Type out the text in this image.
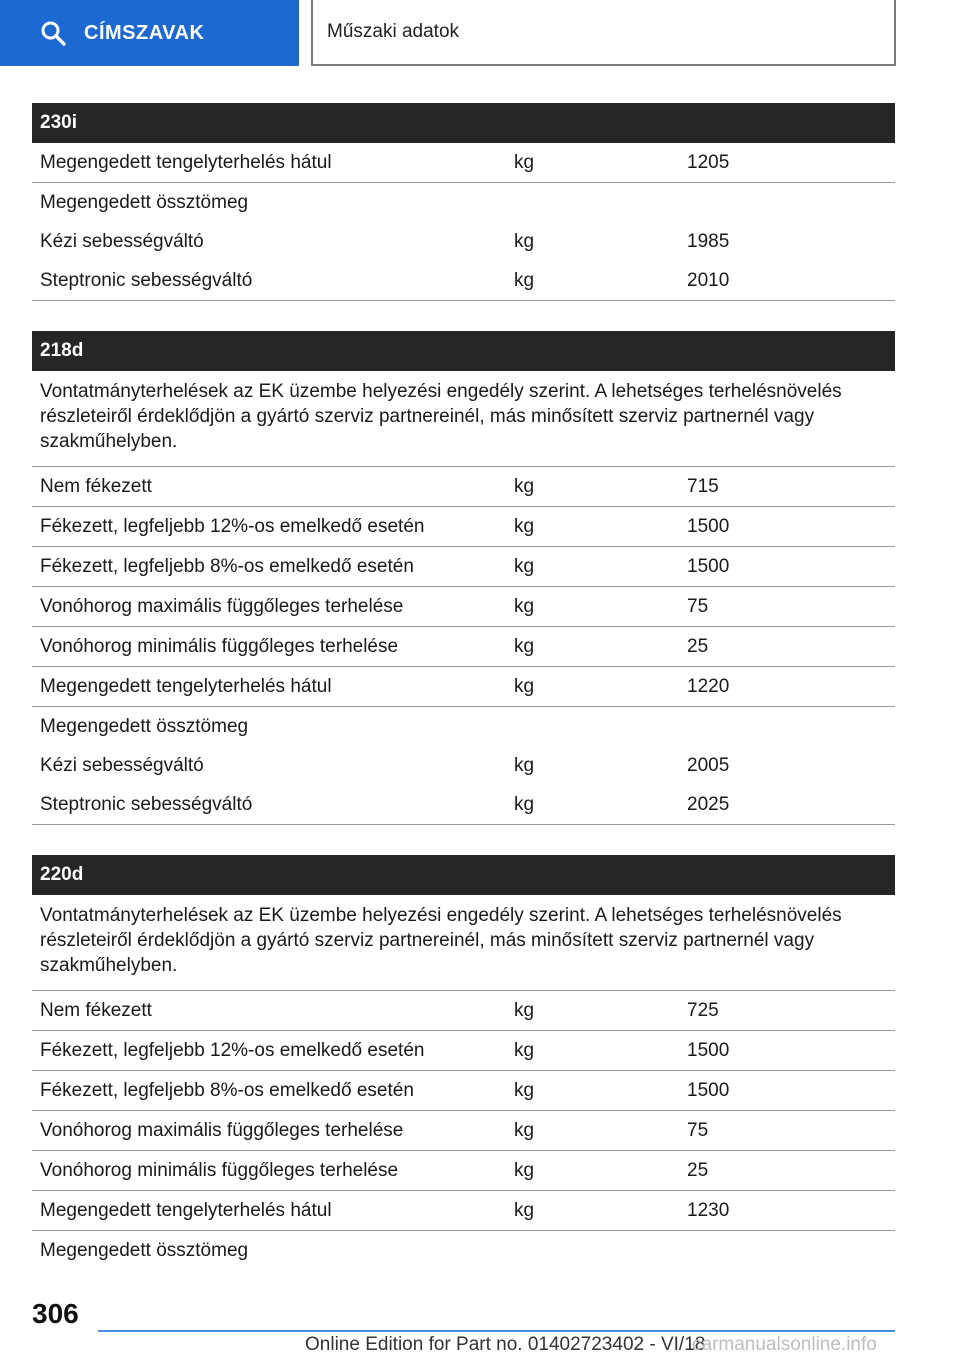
CÍMSZAVAK	Műszaki adatok
230i
Megengedett tengelyterhelés hátul	kg	1205
Megengedett össztömeg
Kézi sebességváltó	kg	1985
Steptronic sebességváltó	kg	2010
218d
Vontatmányterhelések az EK üzembe helyezési engedély szerint. A lehetséges terhelésnövelés részleteiről érdeklődjön a gyártó szerviz partnereinél, más minősített szerviz partnernél vagy szakműhelyben.
Nem fékezett	kg	715
Fékezett, legfeljebb 12%-os emelkedő esetén	kg	1500
Fékezett, legfeljebb 8%-os emelkedő esetén	kg	1500
Vonóhorog maximális függőleges terhelése	kg	75
Vonóhorog minimális függőleges terhelése	kg	25
Megengedett tengelyterhelés hátul	kg	1220
Megengedett össztömeg
Kézi sebességváltó	kg	2005
Steptronic sebességváltó	kg	2025
220d
Vontatmányterhelések az EK üzembe helyezési engedély szerint. A lehetséges terhelésnövelés részleteiről érdeklődjön a gyártó szerviz partnereinél, más minősített szerviz partnernél vagy szakműhelyben.
Nem fékezett	kg	725
Fékezett, legfeljebb 12%-os emelkedő esetén	kg	1500
Fékezett, legfeljebb 8%-os emelkedő esetén	kg	1500
Vonóhorog maximális függőleges terhelése	kg	75
Vonóhorog minimális függőleges terhelése	kg	25
Megengedett tengelyterhelés hátul	kg	1230
Megengedett össztömeg
306
Online Edition for Part no. 01402723402 - VI/18
carmanualsonline.info
